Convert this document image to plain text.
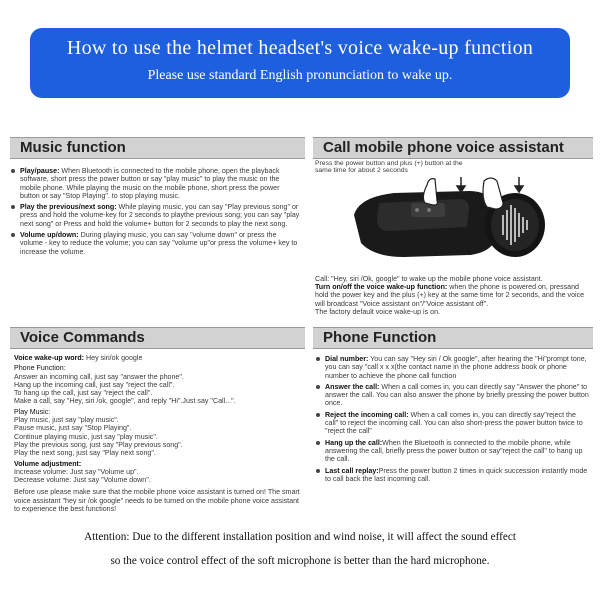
How to use the helmet headset's voice wake-up function
Please use standard English pronunciation to wake up.
Music function
Play/pause: When Bluetooth is connected to the mobile phone, open the playback software, short press the power button or say "play music" to play the music on the mobile phone. While playing the music on the mobile phone, short press the power button or say "Stop Playing". to stop playing music.
Play the previous/next song: While playing music, you can say "Play previous song" or press and hold the volume-key for 2 seconds to playthe previous song; you can say "play next song" or Press and hold the volume+ button for 2 seconds to play the next song.
Volume up/down: During playing music, you can say "volume down" or press the volume - key to reduce the volume; you can say "volume up"or press the volume+ key to increase the volume.
Call mobile phone voice assistant
Press the power button and plus (+) button at the same time for about 2 seconds
Call: "Hey, siri /Ok, google" to wake up the mobile phone voice assistant.
Turn on/off the voice wake-up function: when the phone is powered on, pressand hold the power key and the plus (+) key at the same time for 2 seconds, and the voice will broadcast "Voice assistant on"/"Voice assistant off".
The factory default voice wake-up is on.
Voice Commands
Voice wake-up word: Hey siri/ok google
Phone Function:
Answer an incoming call, just say "answer the phone".
Hang up the incoming call, just say "reject the call".
To hang up the call, just say "reject the call".
Make a call, say "Hey, siri /ok, google", and reply "Hi".Just say "Call...".
Play Music:
Play music, just say "play music".
Pause music, just say "Stop Playing".
Continue playing music, just say "play music".
Play the previous song, just say "Play previous song".
Play the next song, just say "Play next song".
Volume adjustment:
Increase volume: Just say "Volume up".
Decrease volume: Just say "Volume down".
Before use please make sure that the mobile phone voice assistant is turned on! The smart voice assistant "hey sir /ok google" needs to be turned on the mobile phone voice assistant to experience the best functions!
Phone Function
Dial number: You can say "Hey siri / Ok google", after hearing the "Hi"prompt tone, you can say "call x x x(the contact name in the phone address book or phone number to achieve the phone call function
Answer the call: When a call comes in, you can directly say "Answer the phone" to answer the call. You can also answer the phone by briefly pressing the power button once.
Reject the incoming call: When a call comes in, you can directly say"reject the call" to reject the incoming call. You can also short-press the power button twice to "reject the call"
Hang up the call:When the Bluetooth is connected to the mobile phone, while answering the call, briefly press the power button or say"reject the call" to hang up the call.
Last call replay:Press the power button 2 times in quick succession instantly mode to call back the last incoming call.
Attention: Due to the different installation position and wind noise, it will affect the sound effect
so the voice control effect of the soft microphone is better than the hard microphone.
